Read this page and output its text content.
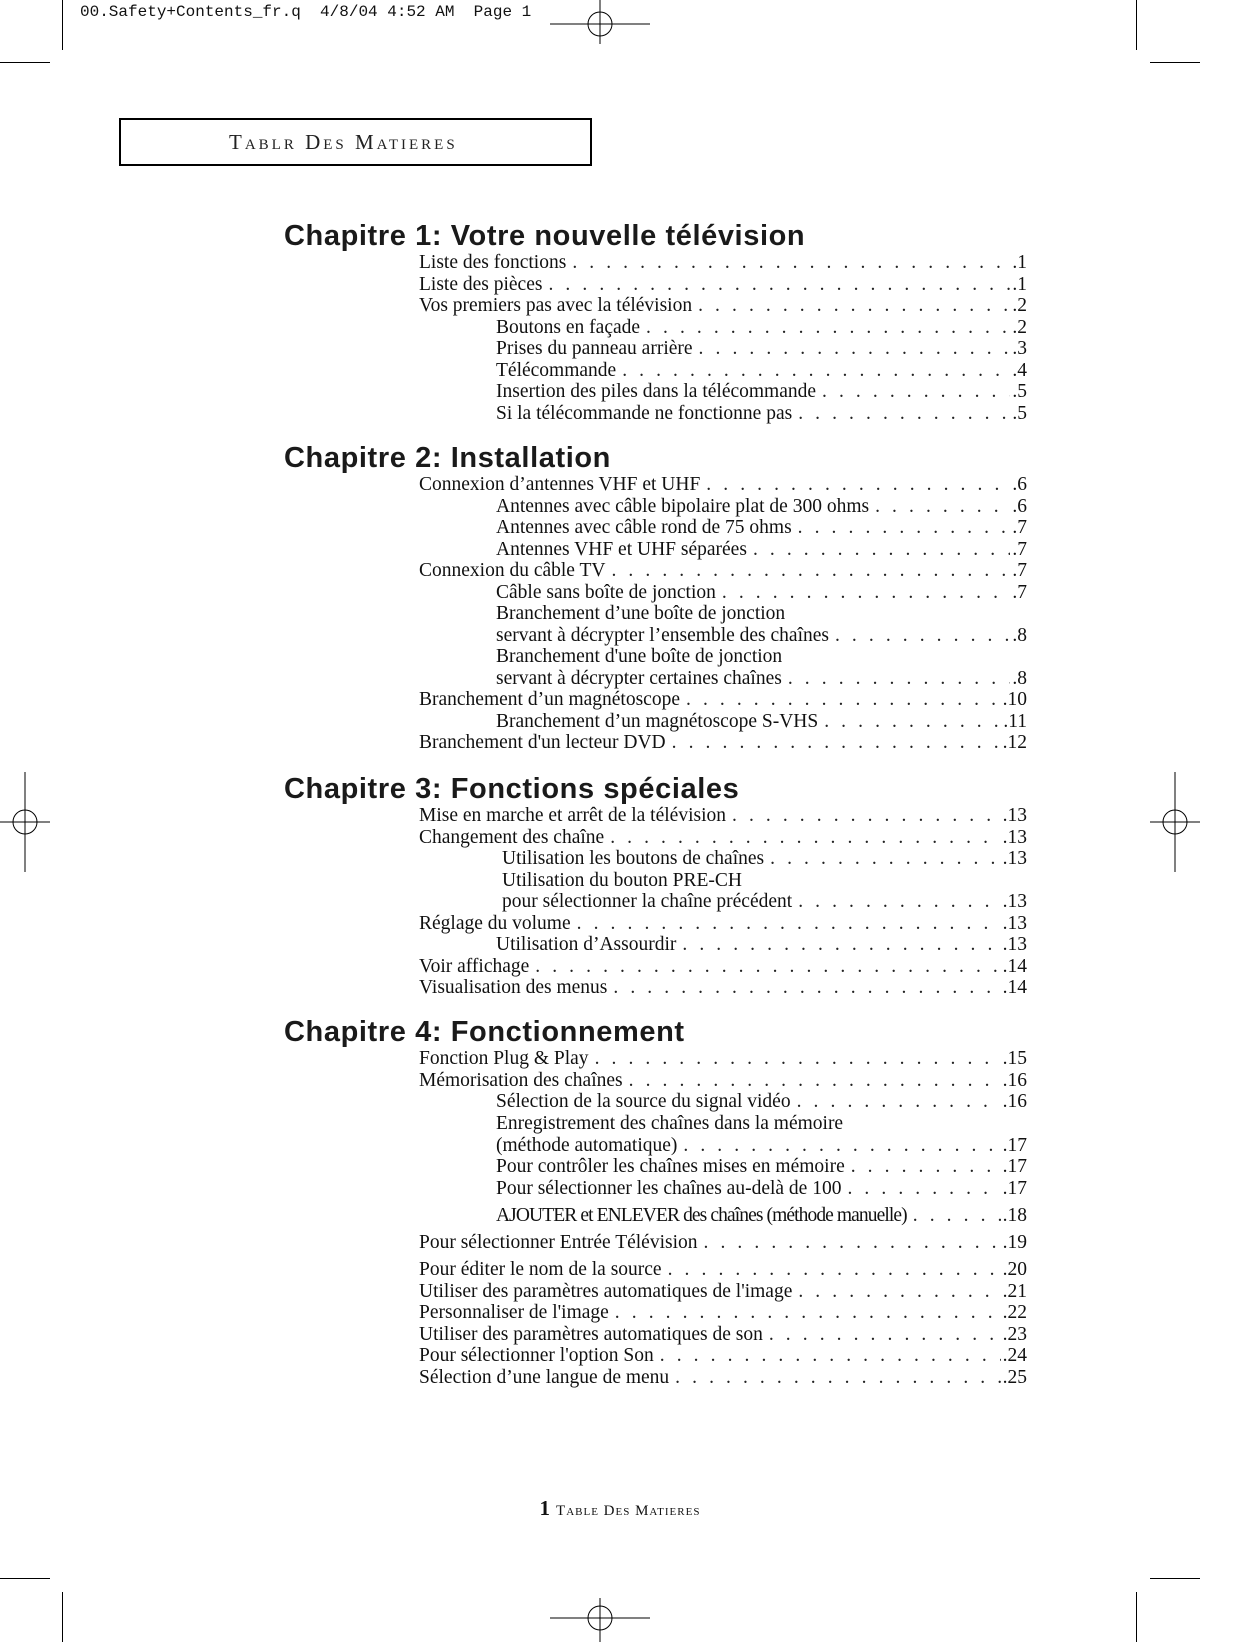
00.Safety+Contents_fr.q  4/8/04 4:52 AM  Page 1
Tablr Des Matieres
Chapitre 1: Votre nouvelle télévision
Liste des fonctions . . .	.1
Liste des pièces . . .	.1
Vos premiers pas avec la télévision . . .	.2
Boutons en façade . . .	.2
Prises du panneau arrière . . .	.3
Télécommande . . .	.4
Insertion des piles dans la télécommande . . .	.5
Si la télécommande ne fonctionne pas . . .	.5
Chapitre 2: Installation
Connexion d’antennes VHF et UHF . . .	.6
Antennes avec câble bipolaire plat de 300 ohms . . .	.6
Antennes avec câble rond de 75 ohms . . .	.7
Antennes VHF et UHF séparées . . .	.7
Connexion du câble TV . . .	.7
Câble sans boîte de jonction . . .	.7
Branchement d’une boîte de jonction
servant à décrypter l’ensemble des chaînes . . .	.8
Branchement d'une boîte de jonction
servant à décrypter certaines chaînes . . .	.8
Branchement d’un magnétoscope . . .	.10
Branchement d’un magnétoscope S-VHS . . .	.11
Branchement d'un lecteur DVD . . .	.12
Chapitre 3: Fonctions spéciales
Mise en marche et arrêt de la télévision . . .	.13
Changement des chaîne . . .	.13
Utilisation les boutons de chaînes . . .	.13
Utilisation du bouton PRE-CH
pour sélectionner la chaîne précédent . . .	.13
Réglage du volume . . .	.13
Utilisation d’Assourdir . . .	.13
Voir affichage . . .	.14
Visualisation des menus . . .	.14
Chapitre 4: Fonctionnement
Fonction Plug & Play . . .	.15
Mémorisation des chaînes . . .	.16
Sélection de la source du signal vidéo . . .	.16
Enregistrement des chaînes dans la mémoire
(méthode automatique) . . .	.17
Pour contrôler les chaînes mises en mémoire . . .	.17
Pour sélectionner les chaînes au-delà de 100 . . .	.17
AJOUTER et ENLEVER des chaînes (méthode manuelle) . . .	.18
Pour sélectionner Entrée Télévision . . .	.19
Pour éditer le nom de la source . . .	.20
Utiliser des paramètres automatiques de l'image . . .	.21
Personnaliser de l'image . . .	.22
Utiliser des paramètres automatiques de son . . .	.23
Pour sélectionner l'option Son . . .	.24
Sélection d’une langue de menu . . .	.25
1 Table Des Matieres
